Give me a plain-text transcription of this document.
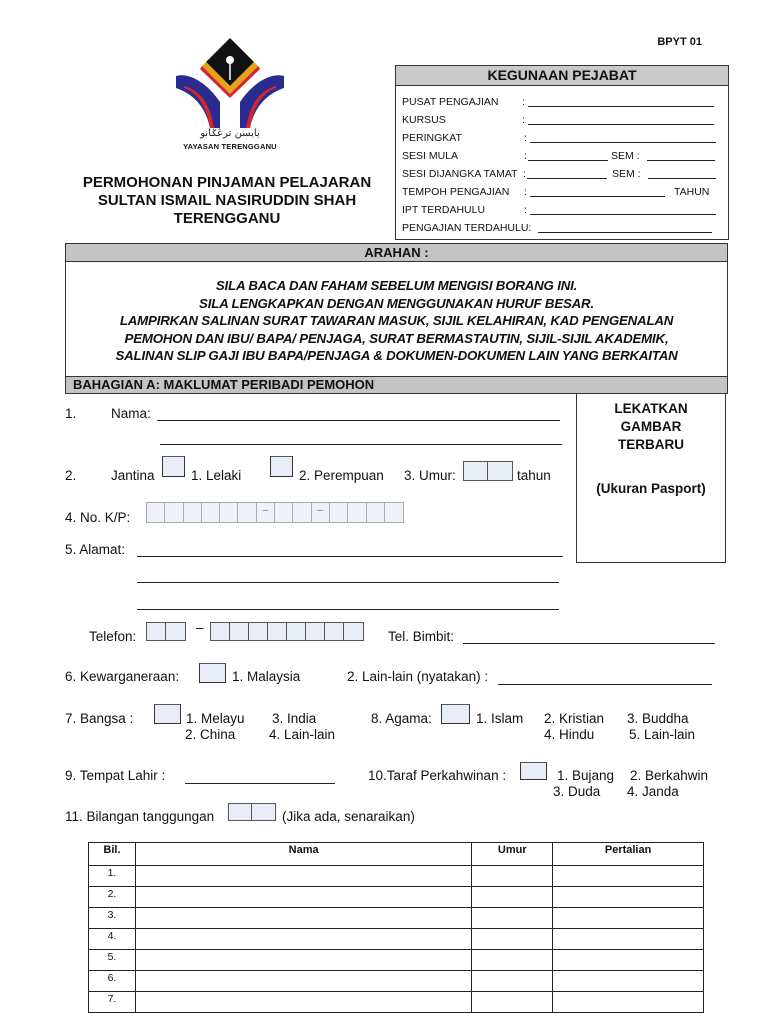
يايسن ترڠݢانو
YAYASAN TERENGGANU
BPYT 01
KEGUNAAN PEJABAT
PUSAT PENGAJIAN :
KURSUS	:
PERINGKAT	:
SESI MULA	:	SEM :
SESI DIJANGKA TAMAT :	SEM :
TEMPOH PENGAJIAN :	TAHUN
IPT TERDAHULU	:
PENGAJIAN TERDAHULU:
PERMOHONAN PINJAMAN PELAJARAN
SULTAN ISMAIL NASIRUDDIN SHAH
TERENGGANU
ARAHAN :
SILA BACA DAN FAHAM SEBELUM MENGISI BORANG INI.
SILA LENGKAPKAN DENGAN MENGGUNAKAN HURUF BESAR.
LAMPIRKAN SALINAN SURAT TAWARAN MASUK, SIJIL KELAHIRAN, KAD PENGENALAN
PEMOHON DAN IBU/ BAPA/ PENJAGA, SURAT BERMASTAUTIN, SIJIL-SIJIL AKADEMIK,
SALINAN SLIP GAJI IBU BAPA/PENJAGA & DOKUMEN-DOKUMEN LAIN YANG BERKAITAN
BAHAGIAN A: MAKLUMAT PERIBADI PEMOHON
LEKATKAN
GAMBAR
TERBARU
(Ukuran Pasport)
1.	Nama:
2.	Jantina	1. Lelaki	2. Perempuan 3. Umur:	tahun
4. No. K/P:	–	–
5. Alamat:
Telefon:
–
Tel. Bimbit:
6. Kewarganeraan:	1. Malaysia	2. Lain-lain (nyatakan) :
7. Bangsa :	1. Melayu
2. China
3. India
4. Lain-lain
8. Agama:	1. Islam 2. Kristian 3. Buddha
4. Hindu	5. Lain-lain
9. Tempat Lahir :	10.Taraf Perkahwinan :	1. Bujang 2. Berkahwin
3. Duda 4. Janda
11. Bilangan tanggungan	(Jika ada, senaraikan)
Bil.	Nama	Umur	Pertalian
1.			
2.			
3.			
4.			
5.			
6.			
7.			
